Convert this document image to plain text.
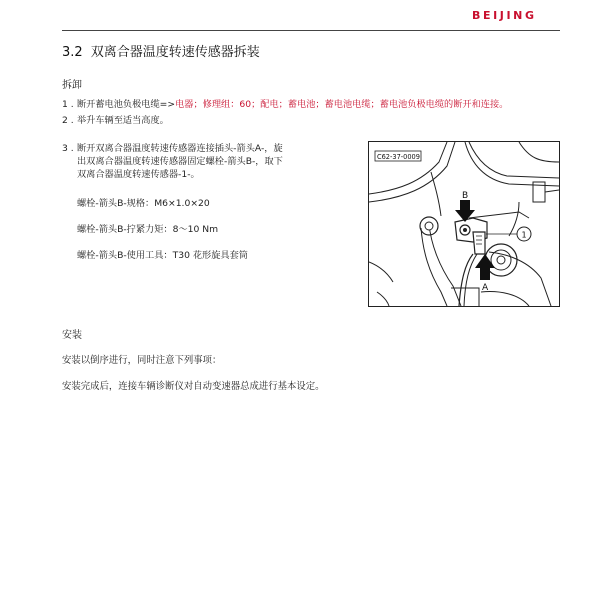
BEIJING
3.2 双离合器温度转速传感器拆装
拆卸
1 . 断开蓄电池负极电缆=>电器；修理组：60；配电；蓄电池；蓄电池电缆；蓄电池负极电缆的断开和连接。
2 . 举升车辆至适当高度。
3 . 断开双离合器温度转速传感器连接插头-箭头A-，旋
出双离合器温度转速传感器固定螺栓-箭头B-，取下
双离合器温度转速传感器-1-。
螺栓-箭头B-规格：M6×1.0×20
螺栓-箭头B-拧紧力矩：8～10 Nm
螺栓-箭头B-使用工具：T30 花形旋具套筒
C62-37-0009
B
A
1
安装
安装以倒序进行，同时注意下列事项：
安装完成后，连接车辆诊断仪对自动变速器总成进行基本设定。
